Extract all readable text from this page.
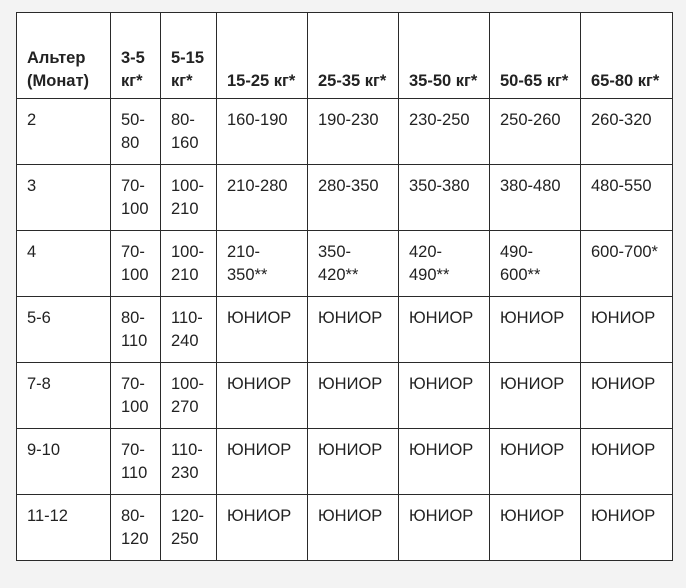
Альтер (Монат)	3-5 кг*	5-15 кг*	15-25 кг*	25-35 кг*	35-50 кг*	50-65 кг*	65-80 кг*
2	50-80	80-160	160-190	190-230	230-250	250-260	260-320
3	70-100	100-210	210-280	280-350	350-380	380-480	480-550
4	70-100	100-210	210-350**	350-420**	420-490**	490-600**	600-700*
5-6	80-110	110-240	ЮНИОР	ЮНИОР	ЮНИОР	ЮНИОР	ЮНИОР
7-8	70-100	100-270	ЮНИОР	ЮНИОР	ЮНИОР	ЮНИОР	ЮНИОР
9-10	70-110	110-230	ЮНИОР	ЮНИОР	ЮНИОР	ЮНИОР	ЮНИОР
11-12	80-120	120-250	ЮНИОР	ЮНИОР	ЮНИОР	ЮНИОР	ЮНИОР
